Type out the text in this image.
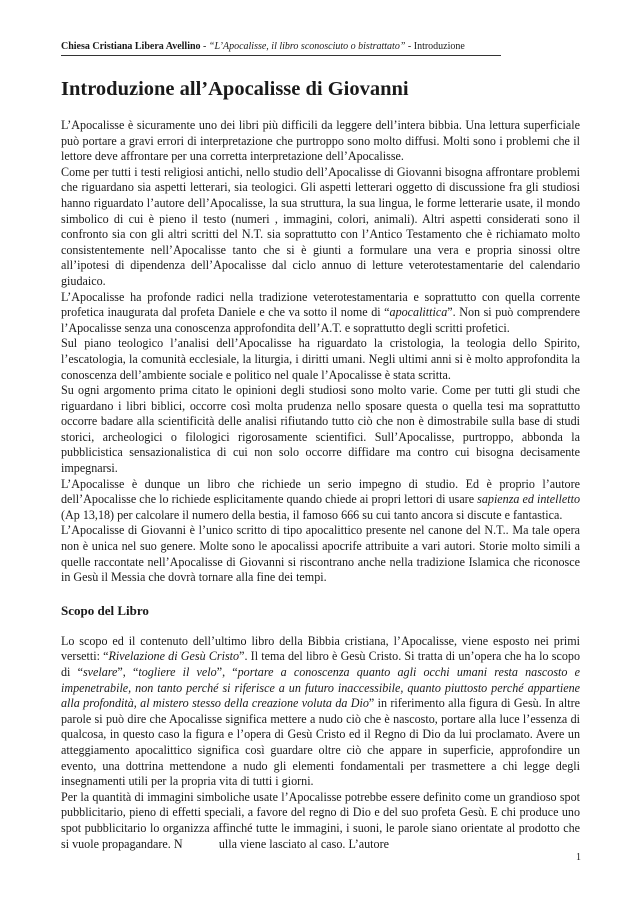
Chiesa Cristiana Libera Avellino - “L’Apocalisse, il libro sconosciuto o bistrattato” - Introduzione
Introduzione all’Apocalisse di Giovanni

L’Apocalisse è sicuramente uno dei libri più difficili da leggere dell’intera bibbia. Una lettura superficiale può portare a gravi errori di interpretazione che purtroppo sono molto diffusi. Molti sono i problemi che il lettore deve affrontare per una corretta interpretazione dell’Apocalisse.

Come per tutti i testi religiosi antichi, nello studio dell’Apocalisse di Giovanni bisogna affrontare problemi che riguardano sia aspetti letterari, sia teologici. Gli aspetti letterari oggetto di discussione fra gli studiosi hanno riguardato l’autore dell’Apocalisse, la sua struttura, la sua lingua, le forme letterarie usate, il mondo simbolico di cui è pieno il testo (numeri , immagini, colori, animali). Altri aspetti considerati sono il confronto sia con gli altri scritti del N.T. sia soprattutto con l’Antico Testamento che è richiamato molto consistentemente nell’Apocalisse tanto che si è giunti a formulare una vera e propria sinossi oltre all’ipotesi di dipendenza dell’Apocalisse dal ciclo annuo di letture veterotestamentarie del calendario giudaico.

L’Apocalisse ha profonde radici nella tradizione veterotestamentaria e soprattutto con quella corrente profetica inaugurata dal profeta Daniele e che va sotto il nome di “apocalittica”. Non si può comprendere l’Apocalisse senza una conoscenza approfondita dell’A.T. e soprattutto degli scritti profetici.

Sul piano teologico l’analisi dell’Apocalisse ha riguardato la cristologia, la teologia dello Spirito, l’escatologia, la comunità ecclesiale, la liturgia, i diritti umani. Negli ultimi anni si è molto approfondita la conoscenza dell’ambiente sociale e politico nel quale l’Apocalisse è stata scritta.

Su ogni argomento prima citato le opinioni degli studiosi sono molto varie. Come per tutti gli studi che riguardano i libri biblici, occorre così molta prudenza nello sposare questa o quella tesi ma soprattutto occorre badare alla scientificità delle analisi rifiutando tutto ciò che non è dimostrabile sulla base di studi storici, archeologici o filologici rigorosamente scientifici. Sull’Apocalisse, purtroppo, abbonda la pubblicistica sensazionalistica di cui non solo occorre diffidare ma contro cui bisogna decisamente impegnarsi.

L’Apocalisse è dunque un libro che richiede un serio impegno di studio. Ed è proprio l’autore dell’Apocalisse che lo richiede esplicitamente quando chiede ai propri lettori di usare sapienza ed intelletto (Ap 13,18) per calcolare il numero della bestia, il famoso 666 su cui tanto ancora si discute e fantastica.

L’Apocalisse di Giovanni è l’unico scritto di tipo apocalittico presente nel canone del N.T.. Ma tale opera non è unica nel suo genere. Molte sono le apocalissi apocrife attribuite a vari autori. Storie molto simili a quelle raccontate nell’Apocalisse di Giovanni si riscontrano anche nella tradizione Islamica che riconosce in Gesù il Messia che dovrà tornare alla fine dei tempi.

Scopo del Libro

Lo scopo ed il contenuto dell’ultimo libro della Bibbia cristiana, l’Apocalisse, viene esposto nei primi versetti: “Rivelazione di Gesù Cristo”. Il tema del libro è Gesù Cristo. Si tratta di un’opera che ha lo scopo di “svelare”, “togliere il velo”, “portare a conoscenza quanto agli occhi umani resta nascosto e impenetrabile, non tanto perché si riferisce a un futuro inaccessibile, quanto piuttosto perché appartiene alla profondità, al mistero stesso della creazione voluta da Dio” in riferimento alla figura di Gesù. In altre parole si può dire che Apocalisse significa mettere a nudo ciò che è nascosto, portare alla luce l’essenza di qualcosa, in questo caso la figura e l’opera di Gesù Cristo ed il Regno di Dio da lui proclamato. Avere un atteggiamento apocalittico significa così guardare oltre ciò che appare in superficie, approfondire un evento, una dottrina mettendone a nudo gli elementi fondamentali per trasmettere a chi legge degli insegnamenti utili per la propria vita di tutti i giorni.

Per la quantità di immagini simboliche usate l’Apocalisse potrebbe essere definito come un grandioso spot pubblicitario, pieno di effetti speciali, a favore del regno di Dio e del suo profeta Gesù. E chi produce uno spot pubblicitario lo organizza affinché tutte le immagini, i suoni, le parole siano orientate al prodotto che si vuole propagandare. N            ulla viene lasciato al caso. L’autore

1
